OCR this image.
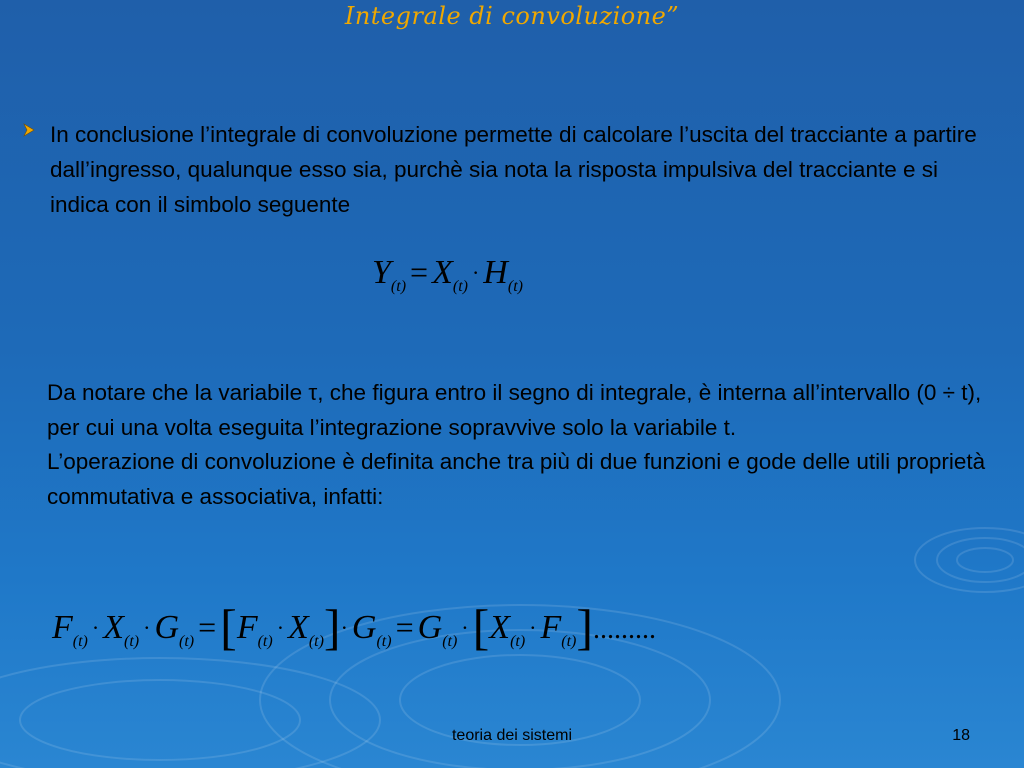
Integrale di convoluzione”
In conclusione l’integrale di convoluzione permette di calcolare l’uscita del tracciante a partire dall’ingresso, qualunque esso sia, purchè sia nota la risposta impulsiva del tracciante e si indica con il simbolo seguente
Y(t) = X(t) · H(t)
Da notare che la variabile τ, che figura entro il segno di integrale, è interna all’intervallo (0 ÷ t), per cui una volta eseguita l’integrazione sopravvive solo la variabile t.
L’operazione di convoluzione è definita anche tra più di due funzioni e gode delle utili proprietà commutativa e associativa, infatti:
F(t) · X(t) · G(t) = [F(t) · X(t)]· G(t) = G(t) · [X(t) · F(t)].........
teoria dei sistemi	18
